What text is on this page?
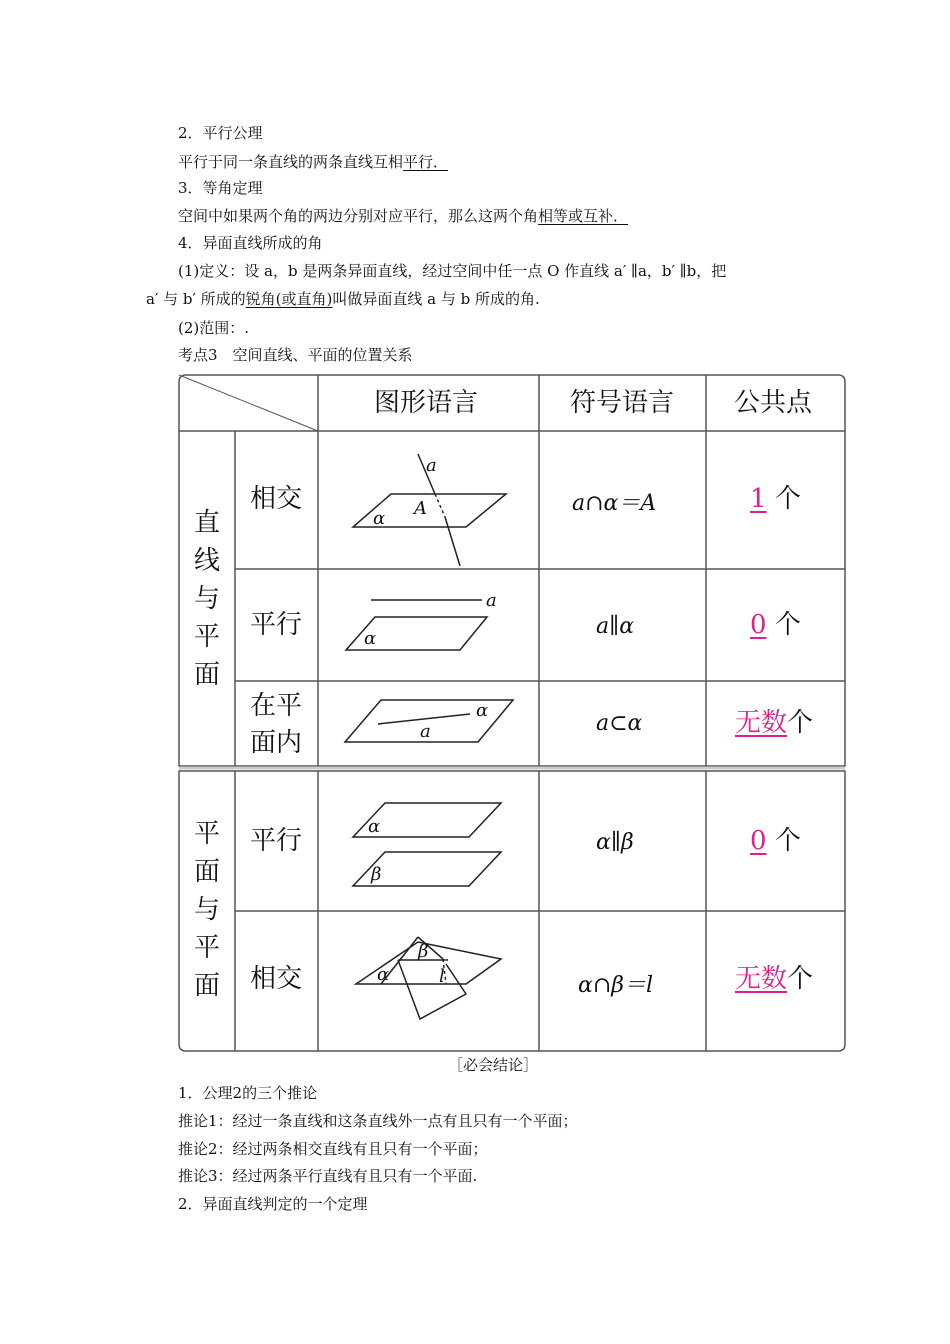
2．平行公理
平行于同一条直线的两条直线互相平行．
3．等角定理
空间中如果两个角的两边分别对应平行，那么这两个角相等或互补．
4．异面直线所成的角
(1)定义：设 a，b 是两条异面直线，经过空间中任一点 O 作直线 a′ ∥a，b′ ∥b，把
a′ 与 b′ 所成的锐角(或直角)叫做异面直线 a 与 b 所成的角.
(2)范围：.
考点3　空间直线、平面的位置关系
图形语言	符号语言 公共点
直
线
与
平
面
平
面
与
平
面
相交
平行
在平面内
平行
相交
a∩α＝A
a∥α
a⊂α
α∥β
α∩β＝l
1 个
0 个
无数个
0 个
无数个
a
α A
a
α
α
a
α
β
β
α	l
［必会结论］
1．公理2的三个推论
推论1：经过一条直线和这条直线外一点有且只有一个平面；
推论2：经过两条相交直线有且只有一个平面；
推论3：经过两条平行直线有且只有一个平面.
2．异面直线判定的一个定理
